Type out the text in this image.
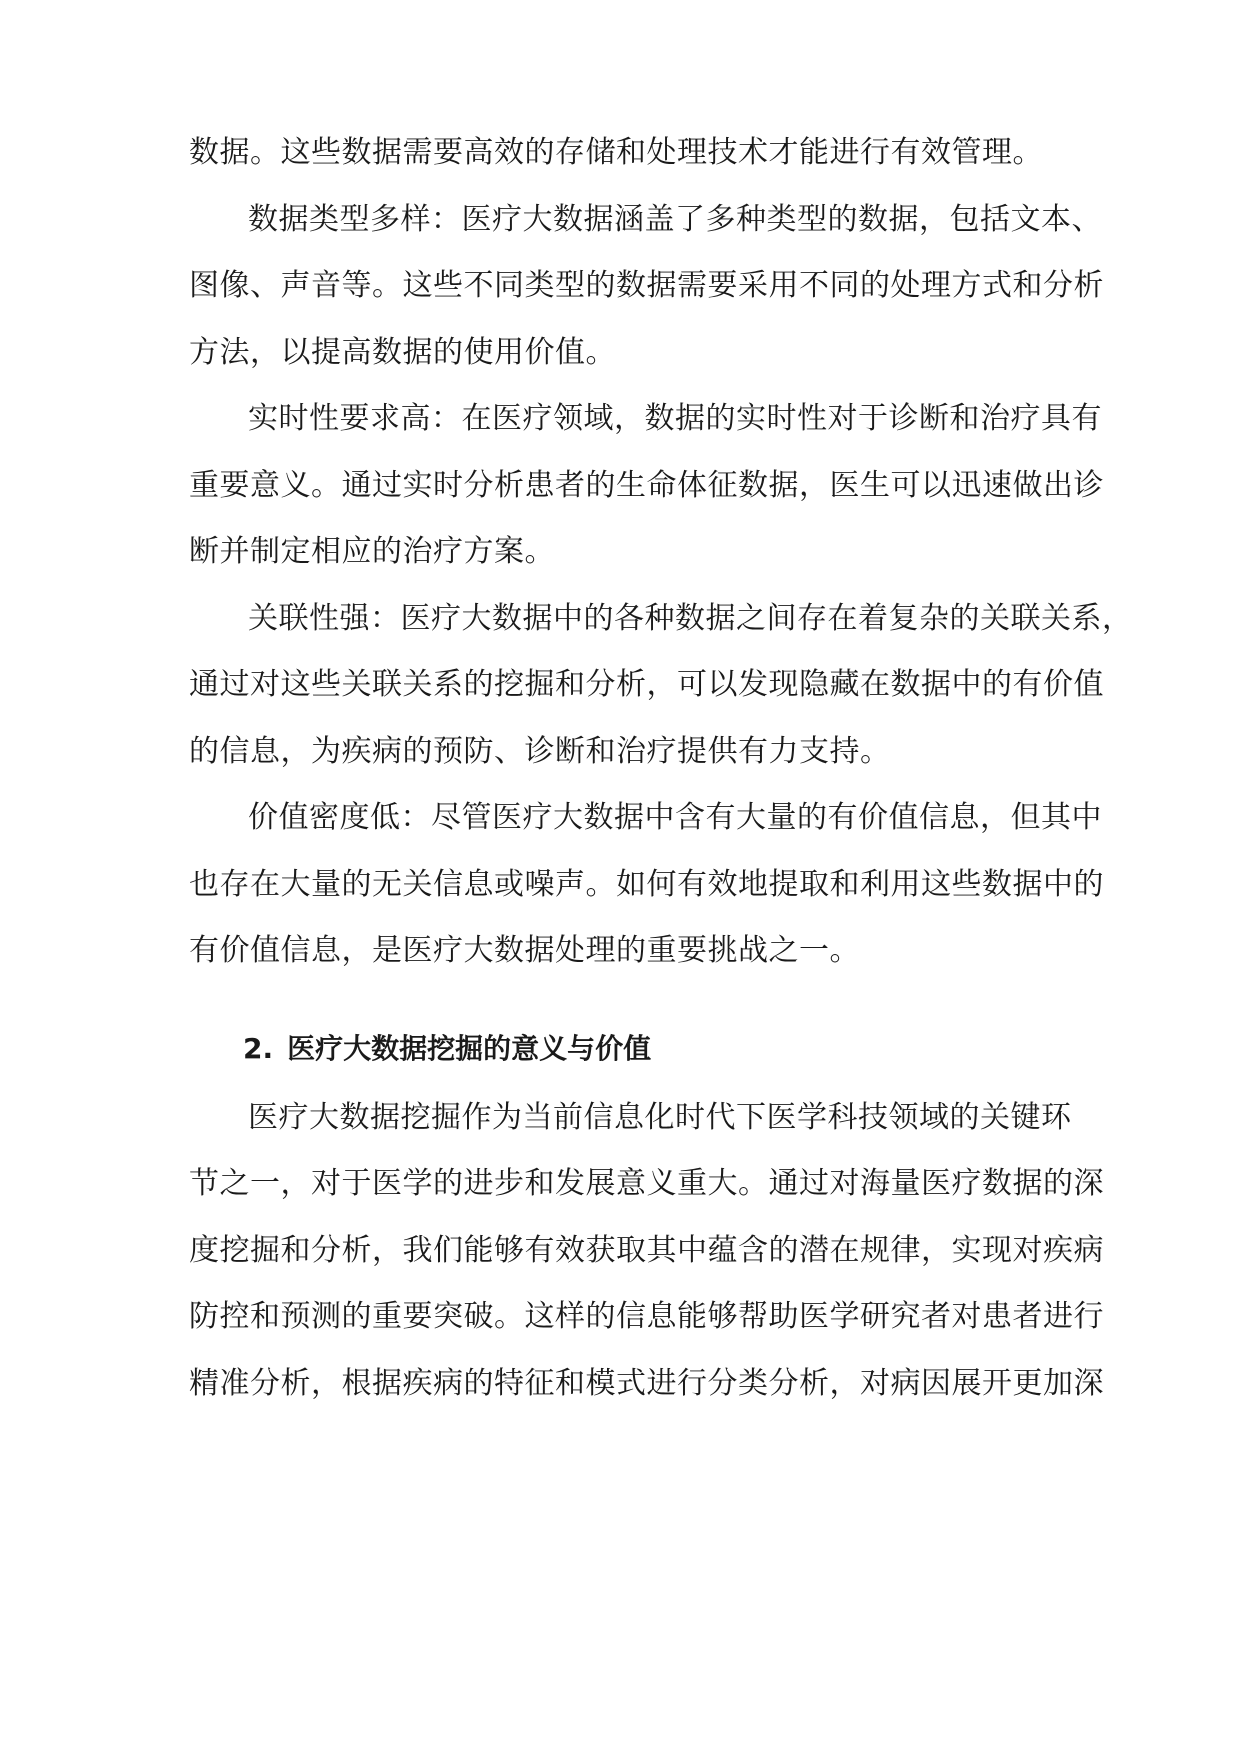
数据。这些数据需要高效的存储和处理技术才能进行有效管理。
数据类型多样：医疗大数据涵盖了多种类型的数据，包括文本、
图像、声音等。这些不同类型的数据需要采用不同的处理方式和分析
方法，以提高数据的使用价值。
实时性要求高：在医疗领域，数据的实时性对于诊断和治疗具有
重要意义。通过实时分析患者的生命体征数据，医生可以迅速做出诊
断并制定相应的治疗方案。
关联性强：医疗大数据中的各种数据之间存在着复杂的关联关系，
通过对这些关联关系的挖掘和分析，可以发现隐藏在数据中的有价值
的信息，为疾病的预防、诊断和治疗提供有力支持。
价值密度低：尽管医疗大数据中含有大量的有价值信息，但其中
也存在大量的无关信息或噪声。如何有效地提取和利用这些数据中的
有价值信息，是医疗大数据处理的重要挑战之一。
2. 医疗大数据挖掘的意义与价值
医疗大数据挖掘作为当前信息化时代下医学科技领域的关键环
节之一，对于医学的进步和发展意义重大。通过对海量医疗数据的深
度挖掘和分析，我们能够有效获取其中蕴含的潜在规律，实现对疾病
防控和预测的重要突破。这样的信息能够帮助医学研究者对患者进行
精准分析，根据疾病的特征和模式进行分类分析，对病因展开更加深
